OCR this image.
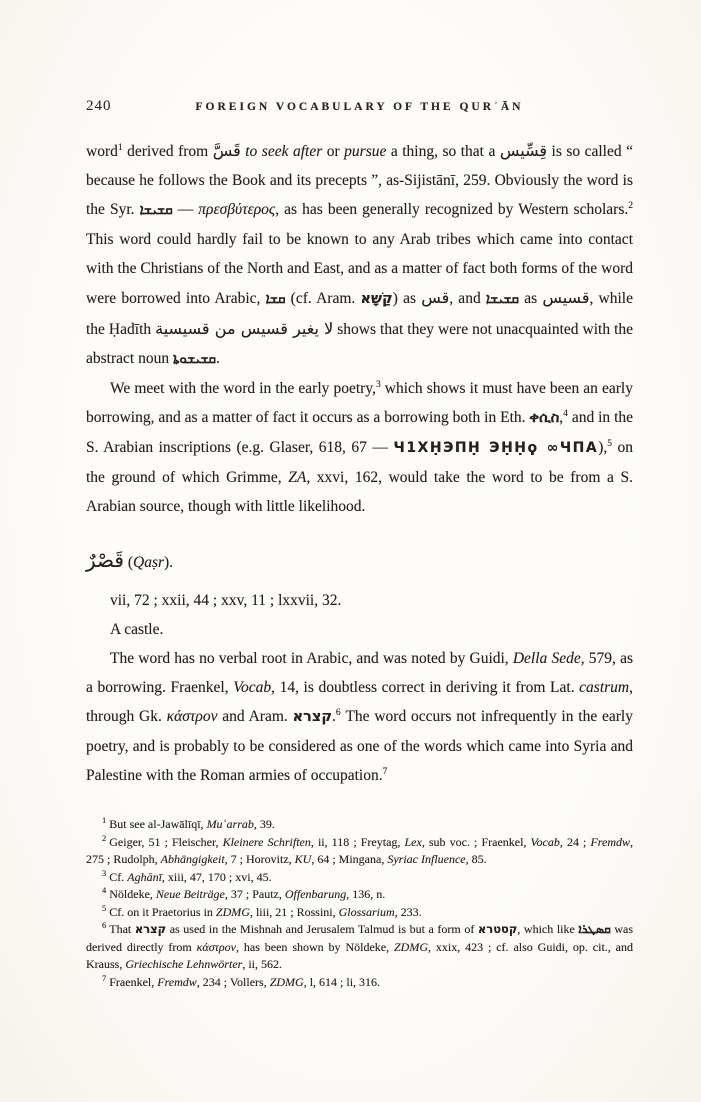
240	FOREIGN VOCABULARY OF THE QURʾĀN

word$^1$ derived from قَسَّ to seek after or pursue a thing, so that a قِسِّيس is so called “ because he follows the Book and its precepts ”, as-Sijistānī, 259. Obviously the word is the Syr. ܩܫܝܫܐ — πρεσβύτερος, as has been generally recognized by Western scholars.$^2$ This word could hardly fail to be known to any Arab tribes which came into contact with the Christians of the North and East, and as a matter of fact both forms of the word were borrowed into Arabic, ܩܫܐ (cf. Aram. קַשָּׁא) as قس, and ܩܫܝܫܐ as قسيس, while the Ḥadīth لا يغير قسيس من قسيسية shows that they were not unacquainted with the abstract noun ܩܫܝܫܘܬܐ.

We meet with the word in the early poetry,$^3$ which shows it must have been an early borrowing, and as a matter of fact it occurs as a borrowing both in Eth. ቀሲስ,$^4$ and in the S. Arabian inscriptions (e.g. Glaser, 618, 67 — Ч1XḤЭПḤ ЭḤḤϙ ∞ЧПА),$^5$ on the ground of which Grimme, ZA, xxvi, 162, would take the word to be from a S. Arabian source, though with little likelihood.

قَصْرٌ (Qaṣr).

vii, 72 ; xxii, 44 ; xxv, 11 ; lxxvii, 32.

A castle.

The word has no verbal root in Arabic, and was noted by Guidi, Della Sede, 579, as a borrowing. Fraenkel, Vocab, 14, is doubtless correct in deriving it from Lat. castrum, through Gk. κάστρον and Aram. קצרא.$^6$ The word occurs not infrequently in the early poetry, and is probably to be considered as one of the words which came into Syria and Palestine with the Roman armies of occupation.$^7$

$^1$ But see al-Jawālīqī, Muʿarrab, 39.

$^2$ Geiger, 51 ; Fleischer, Kleinere Schriften, ii, 118 ; Freytag, Lex, sub voc. ; Fraenkel, Vocab, 24 ; Fremdw, 275 ; Rudolph, Abhängigkeit, 7 ; Horovitz, KU, 64 ; Mingana, Syriac Influence, 85.

$^3$ Cf. Aghānī, xiii, 47, 170 ; xvi, 45.

$^4$ Nöldeke, Neue Beiträge, 37 ; Pautz, Offenbarung, 136, n.

$^5$ Cf. on it Praetorius in ZDMG, liii, 21 ; Rossini, Glossarium, 233.

$^6$ That קצרא as used in the Mishnah and Jerusalem Talmud is but a form of קסטרא, which like ܩܣܛܪܐ was derived directly from κάστρον, has been shown by Nöldeke, ZDMG, xxix, 423 ; cf. also Guidi, op. cit., and Krauss, Griechische Lehnwörter, ii, 562.

$^7$ Fraenkel, Fremdw, 234 ; Vollers, ZDMG, l, 614 ; li, 316.
